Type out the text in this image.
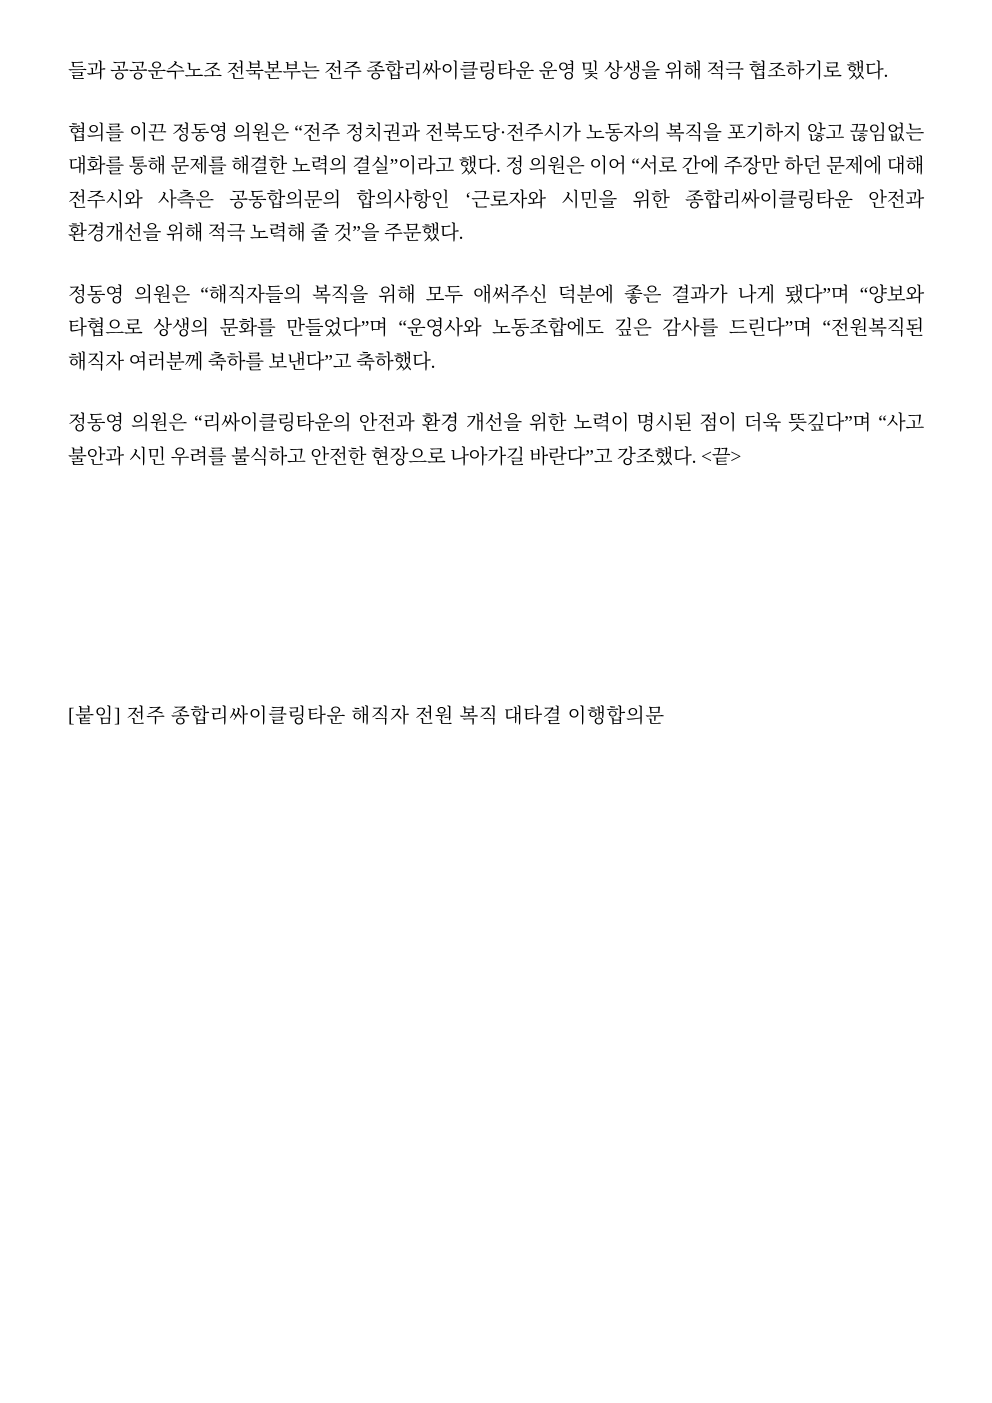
들과 공공운수노조 전북본부는 전주 종합리싸이클링타운 운영 및 상생을 위해 적극 협조하기로 했다.

협의를 이끈 정동영 의원은 “전주 정치권과 전북도당·전주시가 노동자의 복직을 포기하지 않고 끊임없는 대화를 통해 문제를 해결한 노력의 결실”이라고 했다. 정 의원은 이어 “서로 간에 주장만 하던 문제에 대해 전주시와 사측은 공동합의문의 합의사항인 ‘근로자와 시민을 위한 종합리싸이클링타운 안전과 환경개선을 위해 적극 노력해 줄 것”을 주문했다.

정동영 의원은 “해직자들의 복직을 위해 모두 애써주신 덕분에 좋은 결과가 나게 됐다”며 “양보와 타협으로 상생의 문화를 만들었다”며 “운영사와 노동조합에도 깊은 감사를 드린다”며 “전원복직된 해직자 여러분께 축하를 보낸다”고 축하했다.

정동영 의원은 “리싸이클링타운의 안전과 환경 개선을 위한 노력이 명시된 점이 더욱 뜻깊다”며 “사고 불안과 시민 우려를 불식하고 안전한 현장으로 나아가길 바란다”고 강조했다. <끝>

[붙임] 전주 종합리싸이클링타운 해직자 전원 복직 대타결 이행합의문
